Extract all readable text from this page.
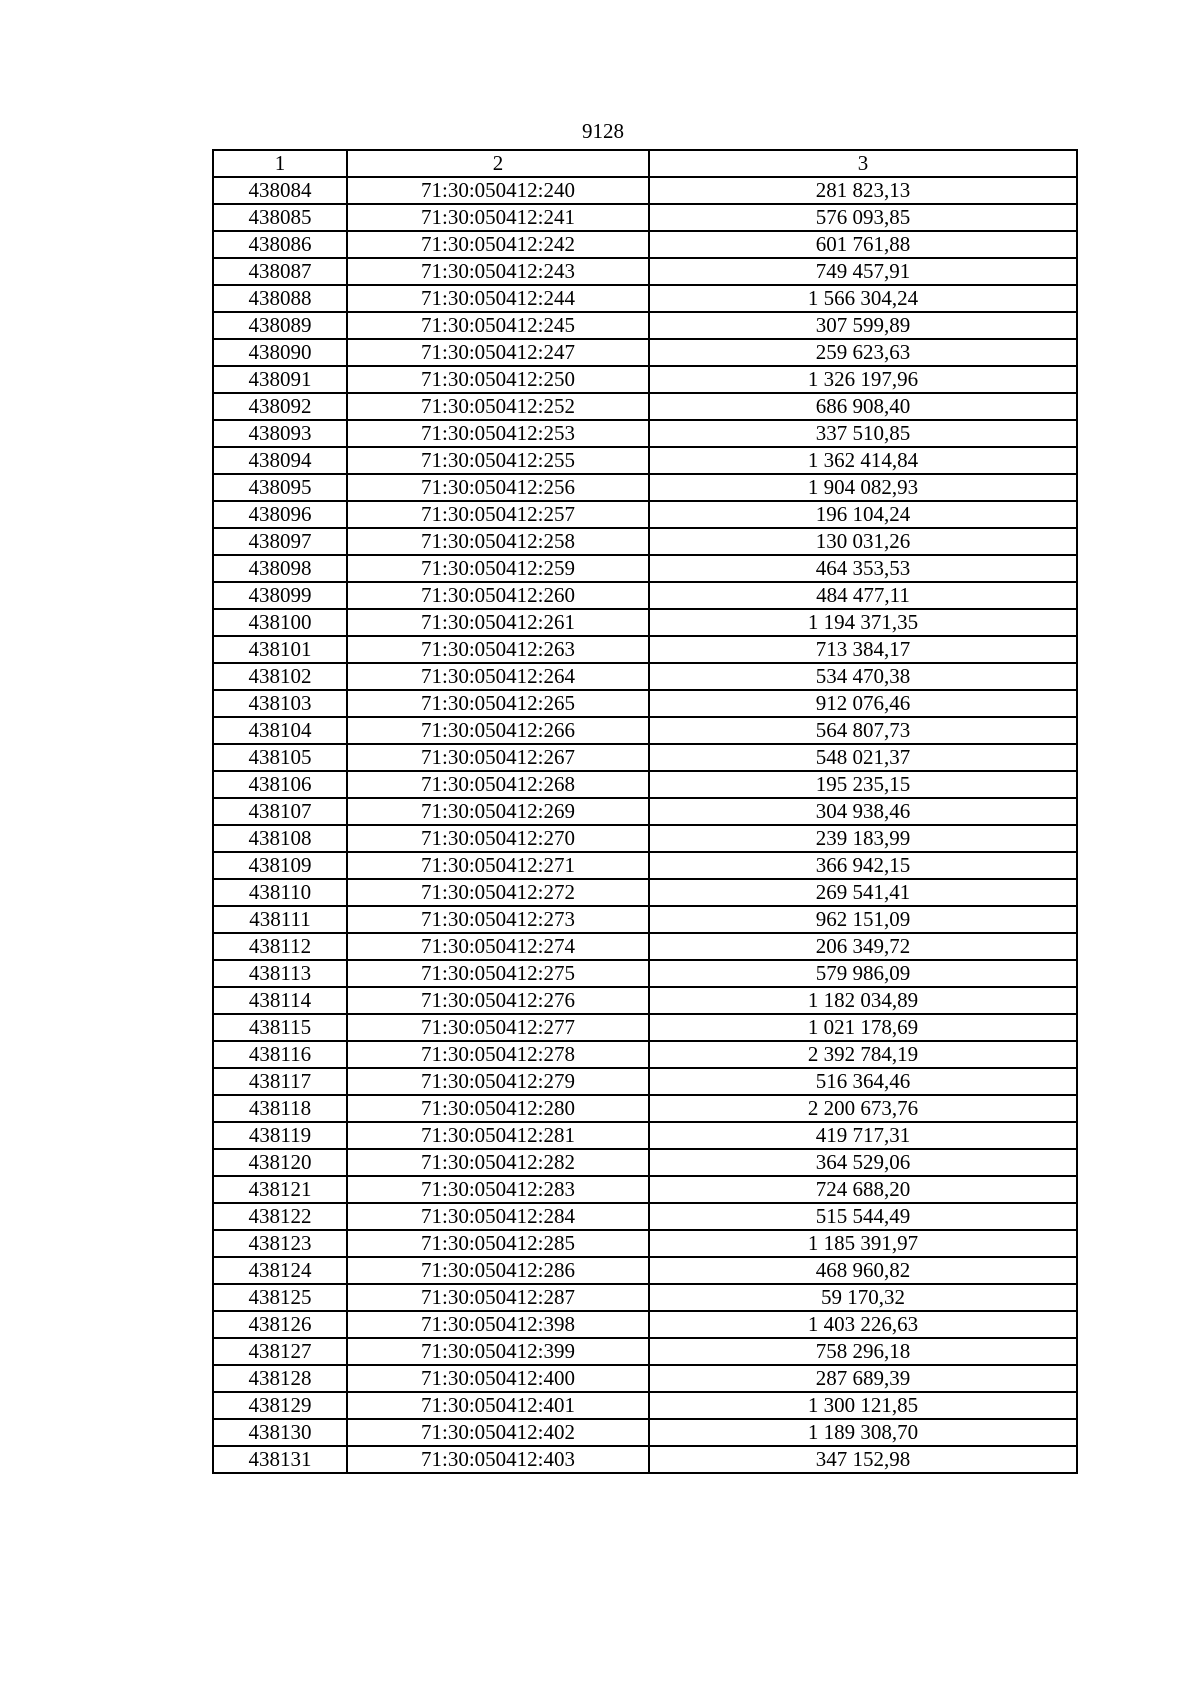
9128
1	2	3
438084	71:30:050412:240	281 823,13
438085	71:30:050412:241	576 093,85
438086	71:30:050412:242	601 761,88
438087	71:30:050412:243	749 457,91
438088	71:30:050412:244	1 566 304,24
438089	71:30:050412:245	307 599,89
438090	71:30:050412:247	259 623,63
438091	71:30:050412:250	1 326 197,96
438092	71:30:050412:252	686 908,40
438093	71:30:050412:253	337 510,85
438094	71:30:050412:255	1 362 414,84
438095	71:30:050412:256	1 904 082,93
438096	71:30:050412:257	196 104,24
438097	71:30:050412:258	130 031,26
438098	71:30:050412:259	464 353,53
438099	71:30:050412:260	484 477,11
438100	71:30:050412:261	1 194 371,35
438101	71:30:050412:263	713 384,17
438102	71:30:050412:264	534 470,38
438103	71:30:050412:265	912 076,46
438104	71:30:050412:266	564 807,73
438105	71:30:050412:267	548 021,37
438106	71:30:050412:268	195 235,15
438107	71:30:050412:269	304 938,46
438108	71:30:050412:270	239 183,99
438109	71:30:050412:271	366 942,15
438110	71:30:050412:272	269 541,41
438111	71:30:050412:273	962 151,09
438112	71:30:050412:274	206 349,72
438113	71:30:050412:275	579 986,09
438114	71:30:050412:276	1 182 034,89
438115	71:30:050412:277	1 021 178,69
438116	71:30:050412:278	2 392 784,19
438117	71:30:050412:279	516 364,46
438118	71:30:050412:280	2 200 673,76
438119	71:30:050412:281	419 717,31
438120	71:30:050412:282	364 529,06
438121	71:30:050412:283	724 688,20
438122	71:30:050412:284	515 544,49
438123	71:30:050412:285	1 185 391,97
438124	71:30:050412:286	468 960,82
438125	71:30:050412:287	59 170,32
438126	71:30:050412:398	1 403 226,63
438127	71:30:050412:399	758 296,18
438128	71:30:050412:400	287 689,39
438129	71:30:050412:401	1 300 121,85
438130	71:30:050412:402	1 189 308,70
438131	71:30:050412:403	347 152,98
